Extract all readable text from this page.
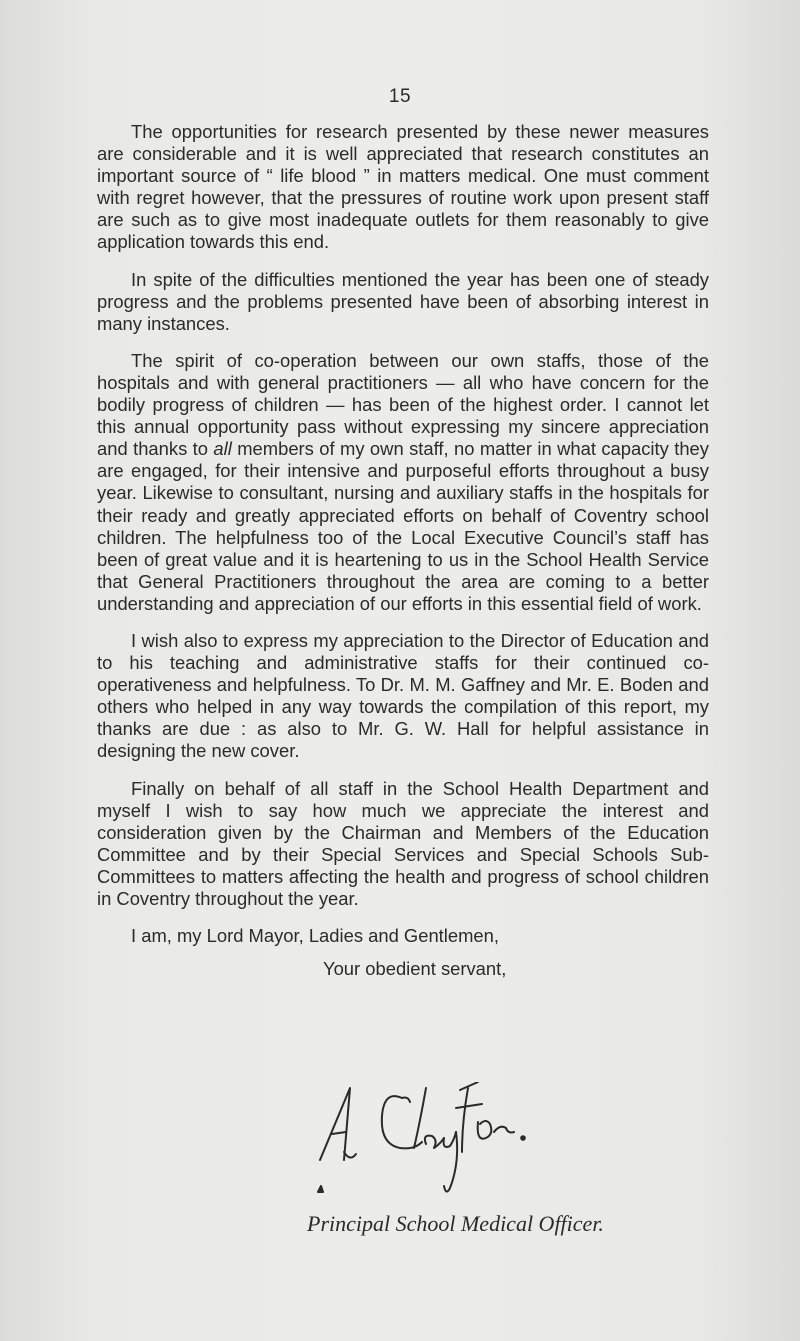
15

The opportunities for research presented by these newer measures are considerable and it is well appreciated that research constitutes an important source of “ life blood ” in matters medical. One must comment with regret however, that the pressures of routine work upon present staff are such as to give most inadequate outlets for them reasonably to give application towards this end.

In spite of the difficulties mentioned the year has been one of steady progress and the problems presented have been of absorbing interest in many instances.

The spirit of co-operation between our own staffs, those of the hospitals and with general practitioners — all who have concern for the bodily progress of children — has been of the highest order. I cannot let this annual opportunity pass without expressing my sincere appreciation and thanks to all members of my own staff, no matter in what capacity they are engaged, for their intensive and purposeful efforts throughout a busy year. Likewise to consultant, nursing and auxiliary staffs in the hospitals for their ready and greatly appreciated efforts on behalf of Coventry school children. The helpfulness too of the Local Executive Council’s staff has been of great value and it is heartening to us in the School Health Service that General Practitioners throughout the area are coming to a better understanding and appreciation of our efforts in this essential field of work.

I wish also to express my appreciation to the Director of Education and to his teaching and administrative staffs for their continued co-operativeness and helpfulness. To Dr. M. M. Gaffney and Mr. E. Boden and others who helped in any way towards the compilation of this report, my thanks are due : as also to Mr. G. W. Hall for helpful assistance in designing the new cover.

Finally on behalf of all staff in the School Health Department and myself I wish to say how much we appreciate the interest and consideration given by the Chairman and Members of the Education Committee and by their Special Services and Special Schools Sub-Committees to matters affecting the health and progress of school children in Coventry throughout the year.

I am, my Lord Mayor, Ladies and Gentlemen,
Your obedient servant,
Principal School Medical Officer.
